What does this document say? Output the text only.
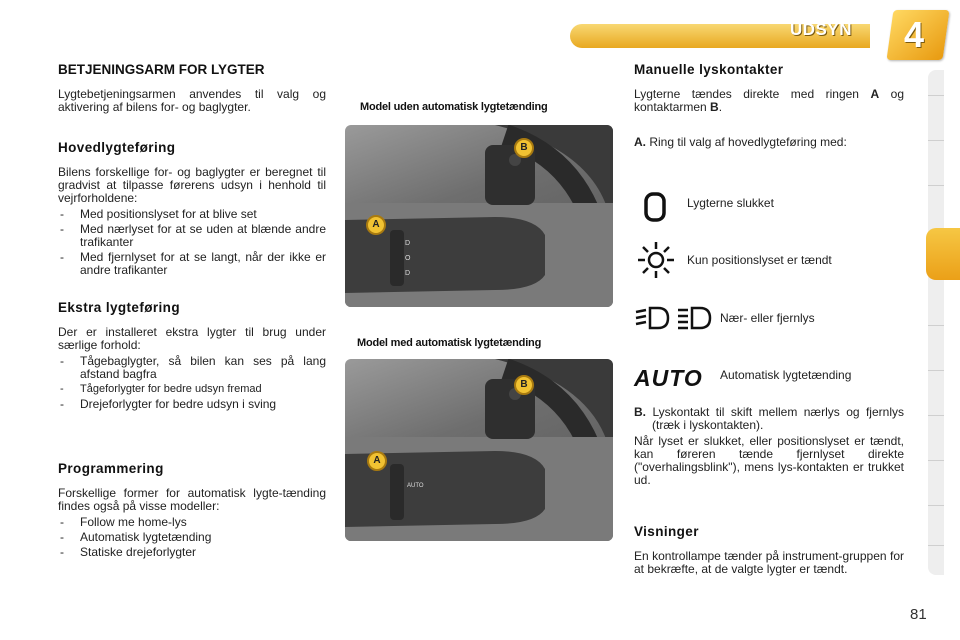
UDSYN 4
BETJENINGSARM FOR LYGTER

Lygtebetjeningsarmen anvendes til valg og aktivering af bilens for- og baglygter.

Hovedlygteføring

Bilens forskellige for- og baglygter er beregnet til gradvist at tilpasse førerens udsyn i henhold til vejrforholdene:

- Med positionslyset for at blive set
- Med nærlyset for at se uden at blænde andre trafikanter
- Med fjernlyset for at se langt, når der ikke er andre trafikanter
Ekstra lygteføring

Der er installeret ekstra lygter til brug under særlige forhold:

- Tågebaglygter, så bilen kan ses på lang afstand bagfra
- Tågeforlygter for bedre udsyn fremad
- Drejeforlygter for bedre udsyn i sving
Programmering

Forskellige former for automatisk lygte-tænding findes også på visse modeller:

- Follow me home-lys
- Automatisk lygtetænding
- Statiske drejeforlygter
Model uden automatisk lygtetænding
D
O
D
A
B
Model med automatisk lygtetænding
AUTO
A
B
Manuelle lyskontakter

Lygterne tændes direkte med ringen A og kontaktarmen B.

A. Ring til valg af hovedlygteføring med:

Lygterne slukket
Kun positionslyset er tændt
Nær- eller fjernlys
AUTO Automatisk lygtetænding

B. Lyskontakt til skift mellem nærlys og fjernlys (træk i lyskontakten).

Når lyset er slukket, eller positionslyset er tændt, kan føreren tænde fjernlyset direkte ("overhalingsblink"), mens lys-kontakten er trukket ud.

Visninger

En kontrollampe tænder på instrument-gruppen for at bekræfte, at de valgte lygter er tændt.

81
